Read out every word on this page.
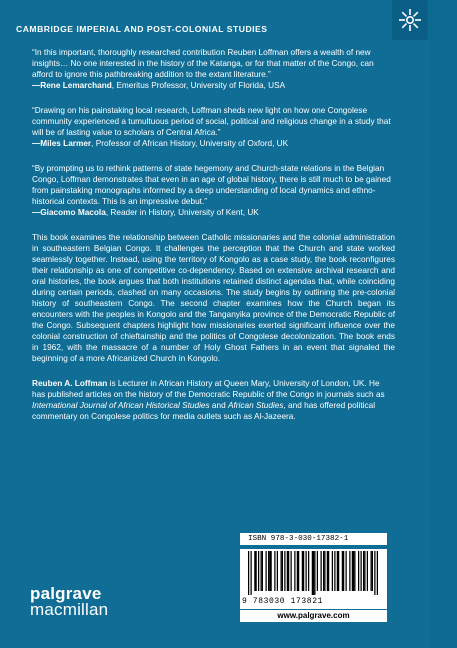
CAMBRIDGE IMPERIAL AND POST-COLONIAL STUDIES

“In this important, thoroughly researched contribution Reuben Loffman offers a wealth of new insights… No one interested in the history of the Katanga, or for that matter of the Congo, can afford to ignore this pathbreaking addition to the extant literature.”

—Rene Lemarchand, Emeritus Professor, University of Florida, USA

“Drawing on his painstaking local research, Loffman sheds new light on how one Congolese community experienced a tumultuous period of social, political and religious change in a study that will be of lasting value to scholars of Central Africa.”

—Miles Larmer, Professor of African History, University of Oxford, UK

“By prompting us to rethink patterns of state hegemony and Church-state relations in the Belgian Congo, Loffman demonstrates that even in an age of global history, there is still much to be gained from painstaking monographs informed by a deep understanding of local dynamics and ethno-historical contexts. This is an impressive debut.”

—Giacomo Macola, Reader in History, University of Kent, UK

This book examines the relationship between Catholic missionaries and the colonial administration in southeastern Belgian Congo. It challenges the perception that the Church and state worked seamlessly together. Instead, using the territory of Kongolo as a case study, the book reconfigures their relationship as one of competitive co-dependency. Based on extensive archival research and oral histories, the book argues that both institutions retained distinct agendas that, while coinciding during certain periods, clashed on many occasions. The study begins by outlining the pre-colonial history of southeastern Congo. The second chapter examines how the Church began its encounters with the peoples in Kongolo and the Tanganyika province of the Democratic Republic of the Congo. Subsequent chapters highlight how missionaries exerted significant influence over the colonial construction of chieftainship and the politics of Congolese decolonization. The book ends in 1962, with the massacre of a number of Holy Ghost Fathers in an event that signaled the beginning of a more Africanized Church in Kongolo.

Reuben A. Loffman is Lecturer in African History at Queen Mary, University of London, UK. He has published articles on the history of the Democratic Republic of the Congo in journals such as International Journal of African Historical Studies and African Studies, and has offered political commentary on Congolese politics for media outlets such as Al-Jazeera.

ISBN 978-3-030-17382-1
9 783030 173821
www.palgrave.com
palgrave
macmillan
